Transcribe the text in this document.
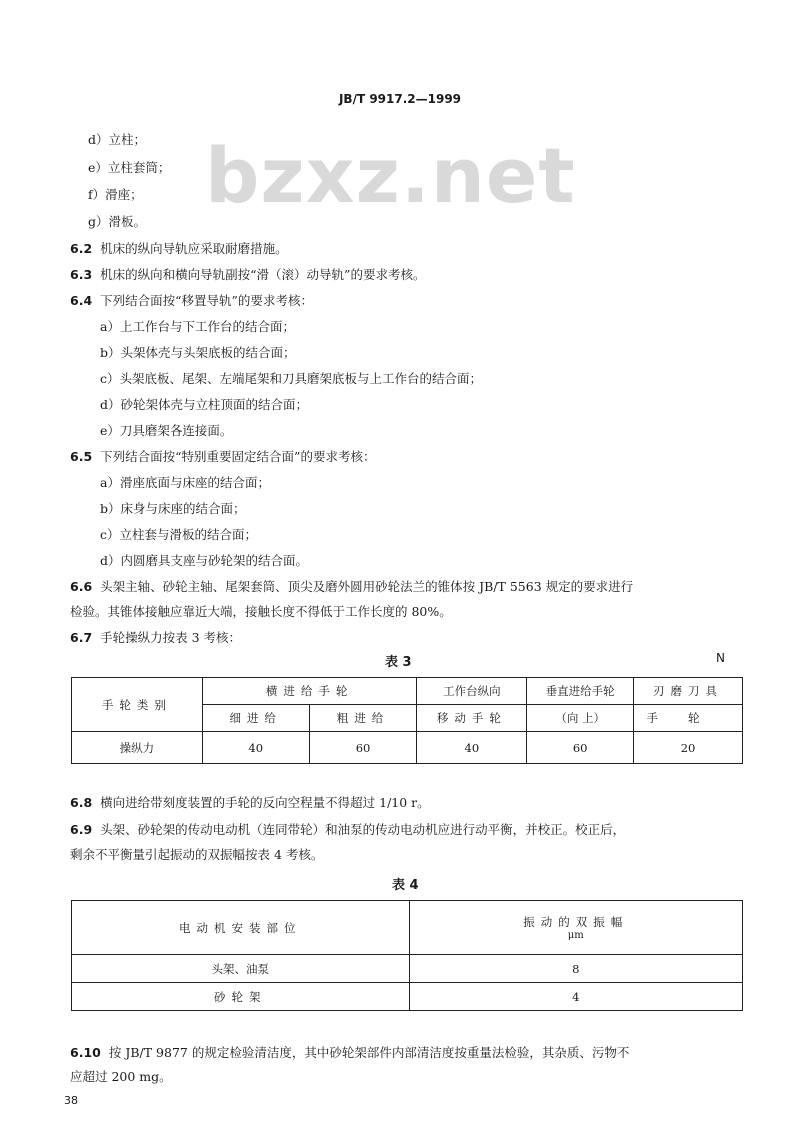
JB/T 9917.2—1999
bzxz.net
d）立柱；
e）立柱套筒；
f）滑座；
g）滑板。
6.2 机床的纵向导轨应采取耐磨措施。
6.3 机床的纵向和横向导轨副按“滑（滚）动导轨”的要求考核。
6.4 下列结合面按“移置导轨”的要求考核：
a）上工作台与下工作台的结合面；
b）头架体壳与头架底板的结合面；
c）头架底板、尾架、左端尾架和刀具磨架底板与上工作台的结合面；
d）砂轮架体壳与立柱顶面的结合面；
e）刀具磨架各连接面。
6.5 下列结合面按“特别重要固定结合面”的要求考核：
a）滑座底面与床座的结合面；
b）床身与床座的结合面；
c）立柱套与滑板的结合面；
d）内圆磨具支座与砂轮架的结合面。
6.6 头架主轴、砂轮主轴、尾架套筒、顶尖及磨外圆用砂轮法兰的锥体按 JB/T 5563 规定的要求进行
检验。其锥体接触应靠近大端，接触长度不得低于工作长度的 80%。
6.7 手轮操纵力按表 3 考核：
表 3	N
手轮类别	横进给手轮		工作台纵向	垂直进给手轮	刃磨刀具
	细进给	粗进给	移动手轮	（向 上）	手轮
操纵力	40	60	40	60	20
6.8 横向进给带刻度装置的手轮的反向空程量不得超过 1/10 r。
6.9 头架、砂轮架的传动电动机（连同带轮）和油泵的传动电动机应进行动平衡，并校正。校正后，
剩余不平衡量引起振动的双振幅按表 4 考核。
表 4
电动机安装部位	振动的双振幅
μm

头架、油泵	8
砂轮架	4
6.10 按 JB/T 9877 的规定检验清洁度，其中砂轮架部件内部清洁度按重量法检验，其杂质、污物不
应超过 200 mg。
38
